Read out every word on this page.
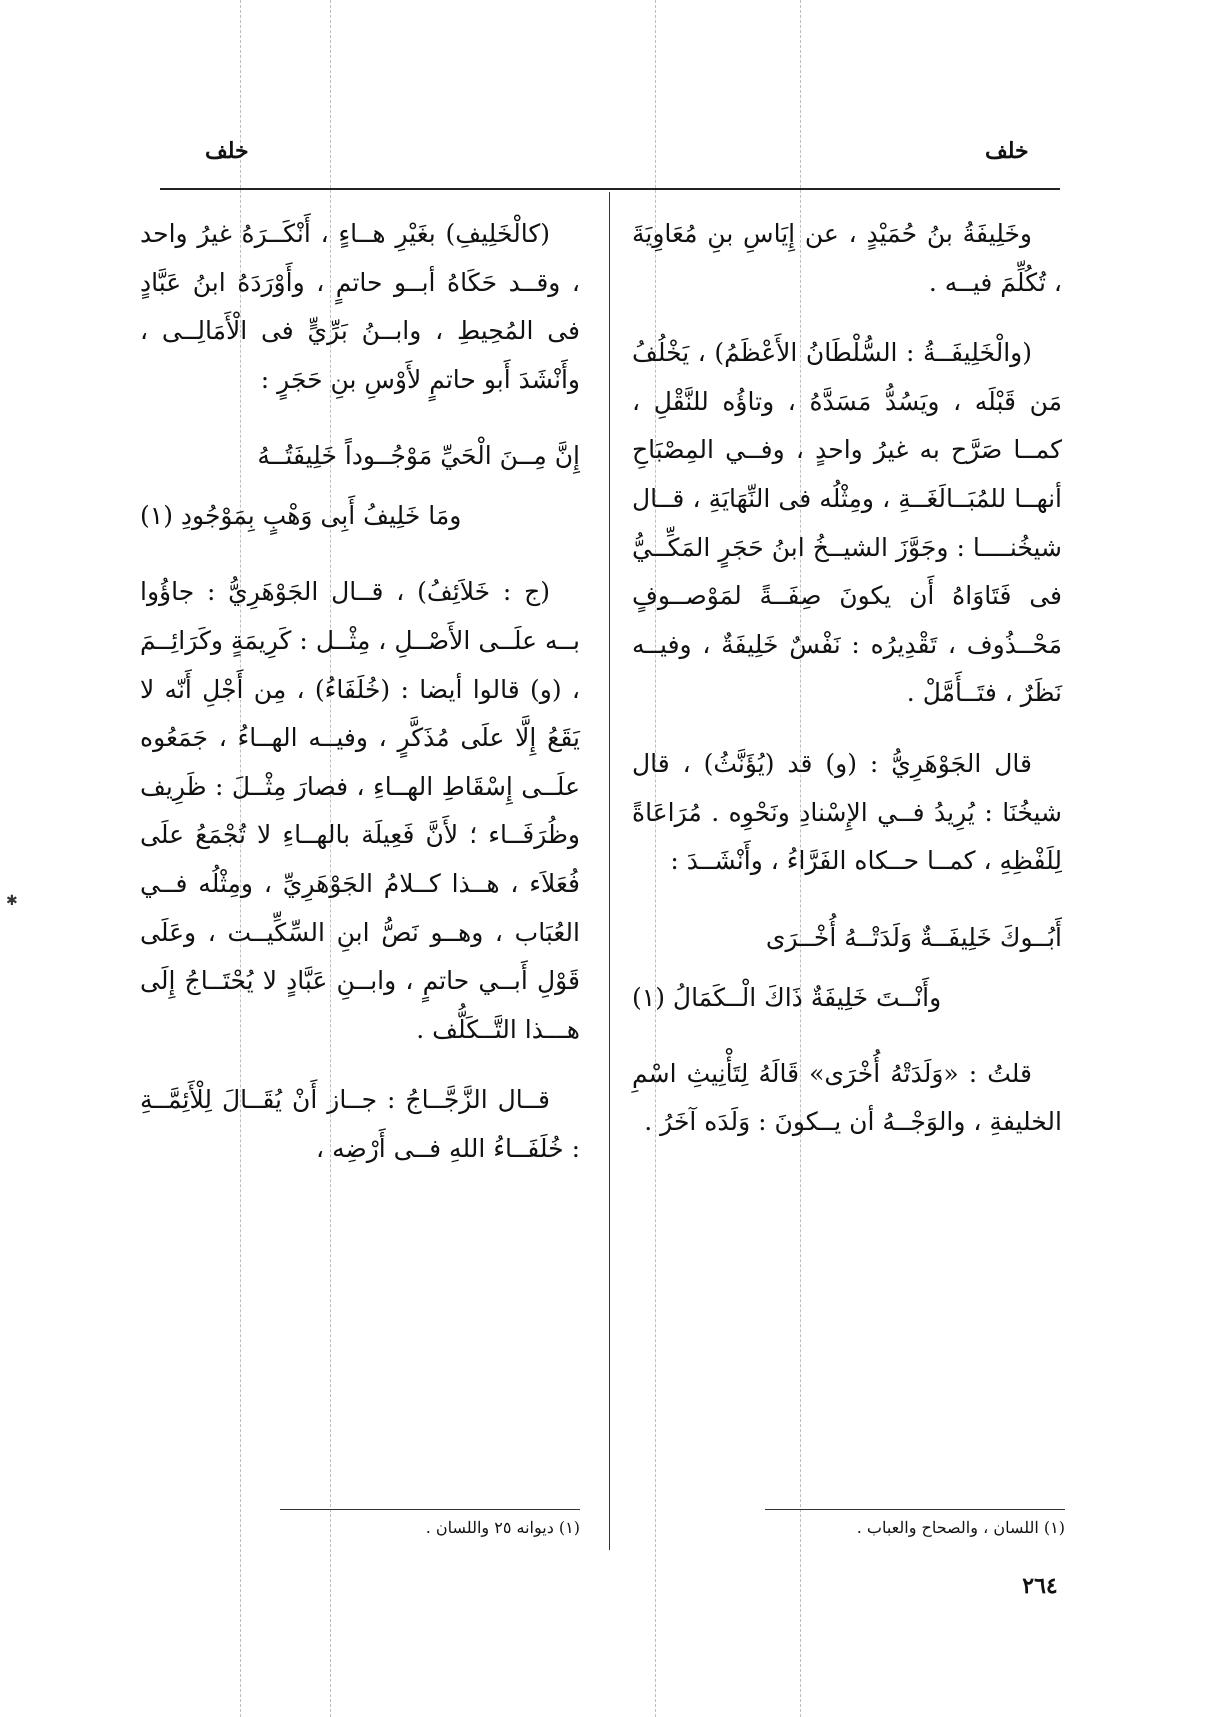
خلف
خلف

وخَلِيفَةُ بنُ حُمَيْدٍ ، عن إِيَاسِ بنِ مُعَاوِيَةَ ، تُكُلِّمَ فيــه .

(والْخَلِيفَــةُ : السُّلْطَانُ الأَعْظَمُ) ، يَخْلُفُ مَن قَبْلَه ، ويَسُدُّ مَسَدَّهُ ، وتاؤُه للنَّقْلِ ، كمــا صَرَّح به غيرُ واحدٍ ، وفــي المِصْبَاحِ أنهــا للمُبَــالَغَــةِ ، ومِثْلُه فى النِّهَايَةِ ، قــال شيخُنــــا : وجَوَّزَ الشيــخُ ابنُ حَجَرٍ المَكِّــيُّ فى فَتَاوَاهُ أَن يكونَ صِفَــةً لمَوْصــوفٍ مَحْــذُوف ، تَقْدِيرُه : نَفْسٌ خَلِيفَةٌ ، وفيــه نَظَرٌ ، فتَــأَمَّلْ .

قال الجَوْهَرِيُّ : (و) قد (يُؤَنَّثُ) ، قال شيخُنَا : يُرِيدُ فــي الإِسْنادِ ونَحْوِه . مُرَاعَاةً لِلَفْظِهِ ، كمــا حــكاه الفَرَّاءُ ، وأَنْشَــدَ :

أَبُــوكَ خَلِيفَــةٌ وَلَدَتْــهُ أُخْــرَى

وأَنْــتَ خَلِيفَةٌ ذَاكَ الْــكَمَالُ (١)

قلتُ : «وَلَدَتْهُ أُخْرَى» قَالَهُ لِتَأْنِيثِ اسْمِ الخليفةِ ، والوَجْــهُ أن يــكونَ : وَلَدَه آخَرُ .

(كالْخَلِيفِ) بغَيْرِ هــاءٍ ، أَنْكَــرَهُ غيرُ واحد ، وقــد حَكَاهُ أبــو حاتمٍ ، وأَوْرَدَهُ ابنُ عَبَّادٍ فى المُحِيطِ ، وابــنُ بَرِّيٍّ فى الْأَمَالِــى ، وأَنْشَدَ أَبو حاتمٍ لأَوْسِ بنِ حَجَرٍ :

إِنَّ مِــنَ الْحَيِّ مَوْجُــوداً خَلِيفَتُــهُ

ومَا خَلِيفُ أَبِى وَهْبٍ بِمَوْجُودِ (١)

(ج : خَلاَئِفُ) ، قــال الجَوْهَرِيُّ : جاؤُوا بــه علَــى الأَصْــلِ ، مِثْــل : كَرِيمَةٍ وكَرَائِــمَ ، (و) قالوا أيضا : (خُلَفَاءُ) ، مِن أَجْلِ أَنّه لا يَقَعُ إِلَّا علَى مُذَكَّرٍ ، وفيــه الهــاءُ ، جَمَعُوه علَــى إِسْقَاطِ الهــاءِ ، فصارَ مِثْــلَ : ظَرِيف وظُرَفَــاء ؛ لأَنَّ فَعِيلَة بالهــاءِ لا تُجْمَعُ علَى فُعَلاَء ، هــذا كــلامُ الجَوْهَرِيِّ ، ومِثْلُه فــي العُبَاب ، وهــو نَصُّ ابنِ السِّكِّيــت ، وعَلَى قَوْلِ أَبــي حاتمٍ ، وابــنِ عَبَّادٍ لا يُحْتَــاجُ إِلَى هـــذا التَّــكَلُّف .

قــال الزَّجَّــاجُ : جــاز أَنْ يُقَــالَ لِلْأَئِمَّــةِ : خُلَفَــاءُ اللهِ فــى أَرْضِه ،

(١) اللسان ، والصحاح والعباب .
(١) ديوانه ٢٥ واللسان .
٢٦٤
✱
